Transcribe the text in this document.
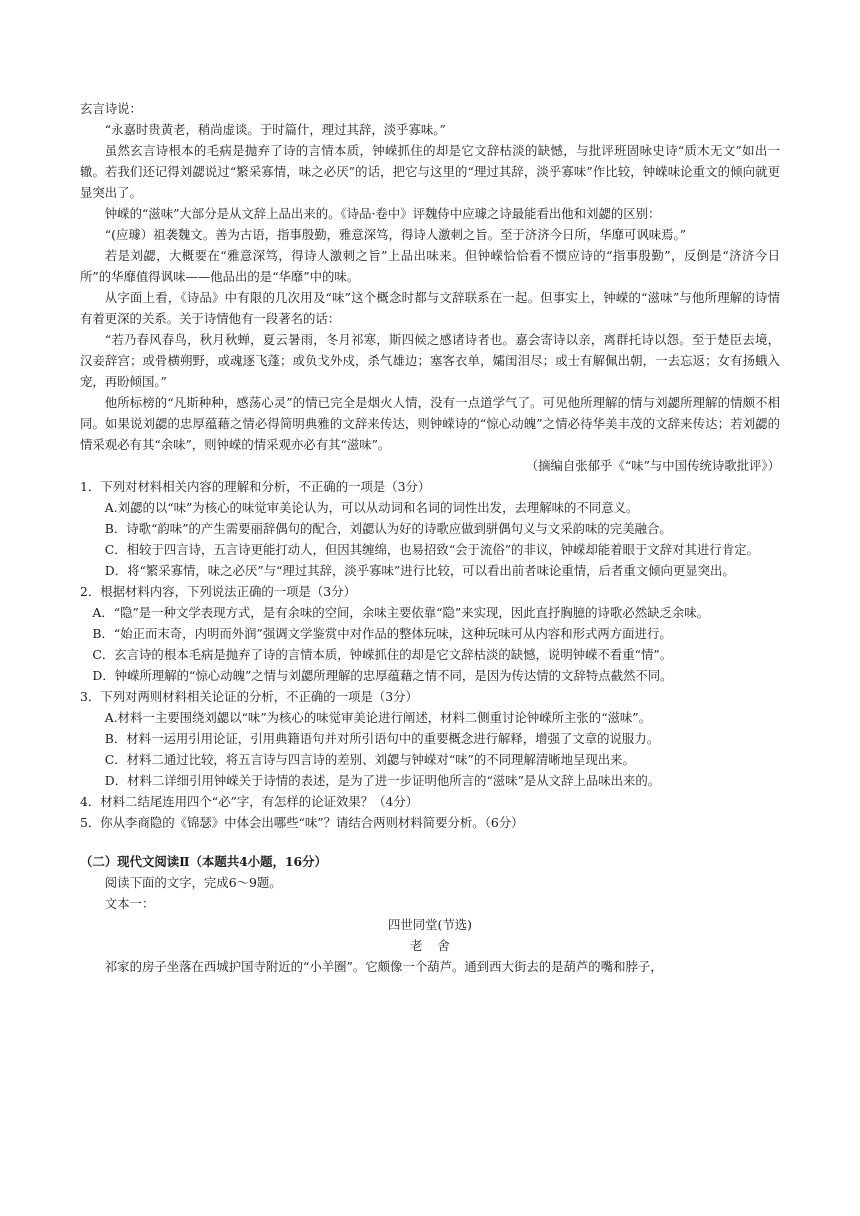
玄言诗说：

“永嘉时贵黄老，稍尚虚谈。于时篇什，理过其辞，淡乎寡味。”

虽然玄言诗根本的毛病是抛弃了诗的言情本质，钟嵘抓住的却是它文辞枯淡的缺憾，与批评班固咏史诗“质木无文”如出一辙。若我们还记得刘勰说过“繁采寡情，味之必厌”的话，把它与这里的“理过其辞，淡乎寡味”作比较，钟嵘味论重文的倾向就更显突出了。

钟嵘的“滋味”大部分是从文辞上品出来的。《诗品·卷中》评魏侍中应璩之诗最能看出他和刘勰的区别：

“(应璩）祖袭魏文。善为古语，指事殷勤，雅意深笃，得诗人激刺之旨。至于济济今日所，华靡可讽味焉。”

若是刘勰，大概要在“雅意深笃，得诗人激刺之旨”上品出味来。但钟嵘恰恰看不惯应诗的“指事殷勤”，反倒是“济济今日所”的华靡值得讽味——他品出的是“华靡”中的味。

从字面上看，《诗品》中有限的几次用及“味”这个概念时都与文辞联系在一起。但事实上，钟嵘的“滋味”与他所理解的诗情有着更深的关系。关于诗情他有一段著名的话：

“若乃春风春鸟，秋月秋蝉，夏云暑雨，冬月祁寒，斯四候之感诸诗者也。嘉会寄诗以亲，离群托诗以怨。至于楚臣去境，汉妾辞宫；或骨横朔野，或魂逐飞蓬；或负戈外戍，杀气雄边；塞客衣单，孀闺泪尽；或士有解佩出朝，一去忘返；女有扬蛾入宠，再盼倾国。”

他所标榜的“凡斯种种，感荡心灵”的情已完全是烟火人情，没有一点道学气了。可见他所理解的情与刘勰所理解的情颇不相同。如果说刘勰的忠厚蕴藉之情必得简明典雅的文辞来传达，则钟嵘诗的“惊心动魄”之情必待华美丰茂的文辞来传达；若刘勰的情采观必有其“余味”，则钟嵘的情采观亦必有其“滋味”。

（摘编自张郁乎《“味”与中国传统诗歌批评》）

1．下列对材料相关内容的理解和分析，不正确的一项是（3分）

A.刘勰的以“味”为核心的味觉审美论认为，可以从动词和名词的词性出发，去理解味的不同意义。

B．诗歌“韵味”的产生需要丽辞偶句的配合，刘勰认为好的诗歌应做到骈偶句义与文采韵味的完美融合。

C．相较于四言诗，五言诗更能打动人，但因其缠绵，也易招致“会于流俗”的非议，钟嵘却能着眼于文辞对其进行肯定。

D．将“繁采寡情，味之必厌”与“理过其辞，淡乎寡味”进行比较，可以看出前者味论重情，后者重文倾向更显突出。

2．根据材料内容，下列说法正确的一项是（3分）

A．“隐”是一种文学表现方式，是有余味的空间，余味主要依靠“隐”来实现，因此直抒胸臆的诗歌必然缺乏余味。

B．“始正而末奇，内明而外润”强调文学鉴赏中对作品的整体玩味，这种玩味可从内容和形式两方面进行。

C．玄言诗的根本毛病是抛弃了诗的言情本质，钟嵘抓住的却是它文辞枯淡的缺憾，说明钟嵘不看重“情”。

D．钟嵘所理解的“惊心动魄”之情与刘勰所理解的忠厚蕴藉之情不同，是因为传达情的文辞特点截然不同。

3．下列对两则材料相关论证的分析，不正确的一项是（3分）

A.材料一主要围绕刘勰以“味”为核心的味觉审美论进行阐述，材料二侧重讨论钟嵘所主张的“滋味”。

B．材料一运用引用论证，引用典籍语句并对所引语句中的重要概念进行解释，增强了文章的说服力。

C．材料二通过比较，将五言诗与四言诗的差别、刘勰与钟嵘对“味”的不同理解清晰地呈现出来。

D．材料二详细引用钟嵘关于诗情的表述，是为了进一步证明他所言的“滋味”是从文辞上品味出来的。

4．材料二结尾连用四个“必”字，有怎样的论证效果？（4分）

5．你从李商隐的《锦瑟》中体会出哪些“味”？请结合两则材料简要分析。（6分）

（二）现代文阅读Ⅱ（本题共4小题，16分）

阅读下面的文字，完成6～9题。

文本一：

四世同堂(节选)

老舍

祁家的房子坐落在西城护国寺附近的“小羊圈”。它颇像一个葫芦。通到西大街去的是葫芦的嘴和脖子，
